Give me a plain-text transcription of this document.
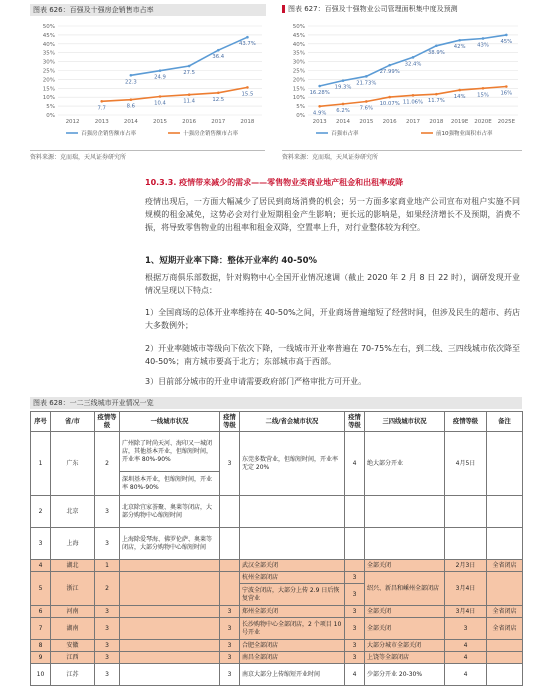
图表 626：百强及十强房企销售市占率
0%
5%
10%
15%
20%
25%
30%
35%
40%
45%
50%
2012	2013	2014	2015	2016	2017	2018
22.3
24.9
27.5
36.4
43.7%
百强房企销售额市占率
7.7	8.6
10.4	11.4	12.5
15.5
十强房企销售额市占率
资料来源：克而瑞，天风证券研究所
图表 627：百强及十强物业公司管理面积集中度及预测
0%
5%
10%
15%
20%
25%
30%
35%
40%
45%
50%
2013 2014 2015 2016 2017 2018 2019E 2020E 2025E
16.28%
19.3%
21.73%
27.99%
32.4%
38.9%
42% 43%
45%
百强市占率
4.9% 6.2% 7.6%
10.07% 11.06% 11.7%
14% 15% 16%
前10强物业面积市占率
资料来源：克而瑞，天风证券研究所
10.3.3. 疫情带来减少的需求——零售物业类商业地产租金和出租率或降
疫情出现后，一方面大幅减少了居民到商场消费的机会；另一方面多家商业地产公司宣布对租户实施不同规模的租金减免，这势必会对行业短期租金产生影响；更长远的影响是，如果经济增长不及预期，消费不振，将导致零售物业的出租率和租金双降，空置率上升，对行业整体较为利空。
1、短期开业率下降：整体开业率约 40-50%
根据万商俱乐部数据，针对购物中心全国开业情况速调（截止 2020 年 2 月 8 日 22 时），调研发现开业情况呈现以下特点：
1）全国商场的总体开业率维持在 40-50%之间，开业商场普遍缩短了经营时间，但涉及民生的超市、药店大多数例外；
2）开业率随城市等级向下依次下降，一线城市开业率普遍在 70-75%左右，到二线、三四线城市依次降至 40-50%；南方城市要高于北方；东部城市高于西部。
3）目前部分城市的开业申请需要政府部门严格审批方可开业。
图表 628：一二三线城市开业情况一览
序号	省/市	疫情等级	一线城市状况	疫情等级	二线/省会城市状况	疫情等级	三四线城市状况	疫情等级	备注
1	广东	2	广州除了时尚天河、海印又一城闭店，其他基本开业，但缩短时间，开业率 80%-90%	3	东莞多数营业，但缩短时间，开业率无定 20%	4	绝大部分开业	4月5日	
			深圳基本开业，但缩短时间，开业率 80%-90%						
2	北京	3	北京除宜家荟聚、奥莱等闭店，大部分购物中心缩短时间						
3	上海	3	上海除爱琴海、佛罗伦萨、奥莱等闭店，大部分购物中心缩短时间						
4	湖北	1			武汉全部关闭		全部关闭	2月3日	全省闭店
5	浙江	2			杭州全部闭店	3	绍兴、新昌和嵊州全部闭店	3月4日	
					宁波全闭店，大部分上传 2.9 日后恢复营业	3			
6	河南	3		3	郑州全部关闭	3	全部关闭	3月4日	全省闭店
7	湖南	3		3	长沙购物中心全部闭店，2 个项目 10 号开业	3	全部关闭	3	全省闭店
8	安徽	3		3	合肥全部闭店	3	大部分城市全部关闭	4	
9	江西	3		3	南昌全部闭店	3	上饶等全部闭店	4	
10	江苏	3		3	南京大部分上传缩短开业时间	4	少部分开业 20-30%	4	
